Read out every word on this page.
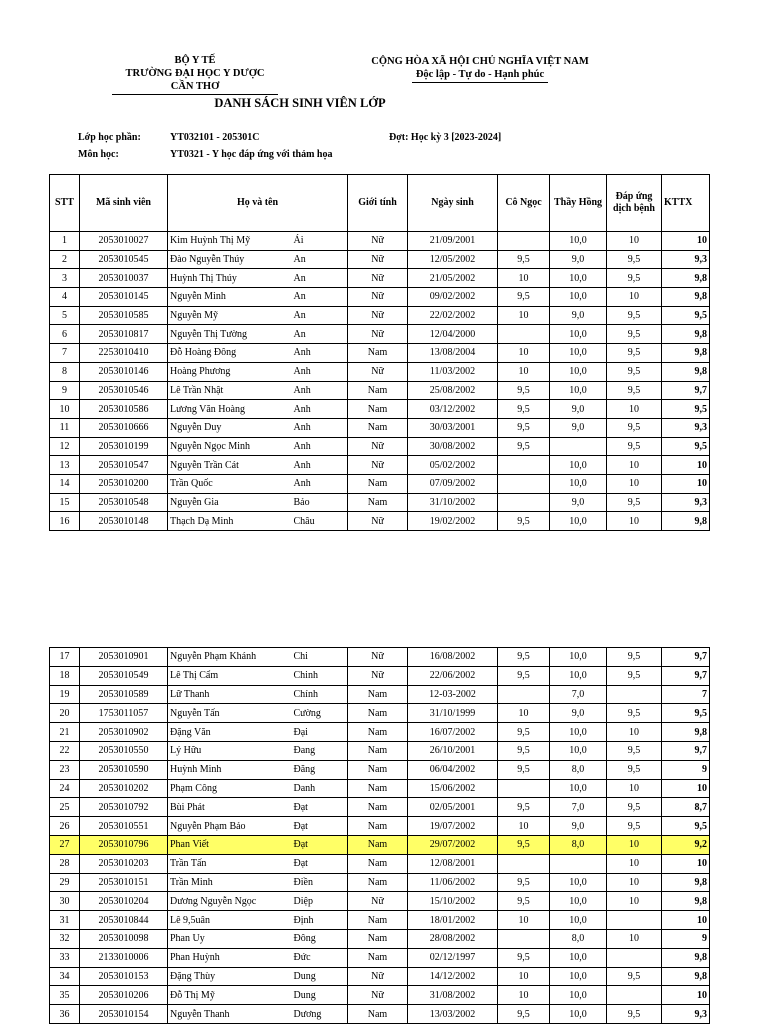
BỘ Y TẾ
TRƯỜNG ĐẠI HỌC Y DƯỢC CẦN THƠ
CỘNG HÒA XÃ HỘI CHỦ NGHĨA VIỆT NAM
Độc lập - Tự do - Hạnh phúc
DANH SÁCH SINH VIÊN LỚP
Lớp học phần:	YT032101 - 205301C	Đợt: Học kỳ 3 [2023-2024]
Môn học:	YT0321 - Y học đáp ứng với thảm họa
STT	Mã sinh viên	Họ và tên		Giới tính	Ngày sinh	Cô Ngọc	Thầy Hồng	Đáp ứng dịch bệnh	KTTX
1	2053010027	Kim Huỳnh Thị Mỹ	Ái	Nữ	21/09/2001		10,0	10	10
2	2053010545	Đào Nguyễn Thúy	An	Nữ	12/05/2002	9,5	9,0	9,5	9,3
3	2053010037	Huỳnh Thị Thúy	An	Nữ	21/05/2002	10	10,0	9,5	9,8
4	2053010145	Nguyễn Minh	An	Nữ	09/02/2002	9,5	10,0	10	9,8
5	2053010585	Nguyễn Mỹ	An	Nữ	22/02/2002	10	9,0	9,5	9,5
6	2053010817	Nguyễn Thị Tường	An	Nữ	12/04/2000		10,0	9,5	9,8
7	2253010410	Đỗ Hoàng Đông	Anh	Nam	13/08/2004	10	10,0	9,5	9,8
8	2053010146	Hoàng Phương	Anh	Nữ	11/03/2002	10	10,0	9,5	9,8
9	2053010546	Lê Trần Nhật	Anh	Nam	25/08/2002	9,5	10,0	9,5	9,7
10	2053010586	Lương Văn Hoàng	Anh	Nam	03/12/2002	9,5	9,0	10	9,5
11	2053010666	Nguyễn Duy	Anh	Nam	30/03/2001	9,5	9,0	9,5	9,3
12	2053010199	Nguyễn Ngọc Minh	Anh	Nữ	30/08/2002	9,5		9,5	9,5
13	2053010547	Nguyễn Trần Cát	Anh	Nữ	05/02/2002		10,0	10	10
14	2053010200	Trần Quốc	Anh	Nam	07/09/2002		10,0	10	10
15	2053010548	Nguyễn Gia	Bảo	Nam	31/10/2002		9,0	9,5	9,3
16	2053010148	Thạch Dạ Minh	Châu	Nữ	19/02/2002	9,5	10,0	10	9,8
17	2053010901	Nguyễn Phạm Khánh	Chi	Nữ	16/08/2002	9,5	10,0	9,5	9,7
18	2053010549	Lê Thị Cẩm	Chinh	Nữ	22/06/2002	9,5	10,0	9,5	9,7
19	2053010589	Lữ Thanh	Chính	Nam	12-03-2002		7,0		7
20	1753011057	Nguyễn Tấn	Cường	Nam	31/10/1999	10	9,0	9,5	9,5
21	2053010902	Đặng Văn	Đại	Nam	16/07/2002	9,5	10,0	10	9,8
22	2053010550	Lý Hữu	Đang	Nam	26/10/2001	9,5	10,0	9,5	9,7
23	2053010590	Huỳnh Minh	Đăng	Nam	06/04/2002	9,5	8,0	9,5	9
24	2053010202	Phạm Công	Danh	Nam	15/06/2002		10,0	10	10
25	2053010792	Bùi Phát	Đạt	Nam	02/05/2001	9,5	7,0	9,5	8,7
26	2053010551	Nguyễn Phạm Bảo	Đạt	Nam	19/07/2002	10	9,0	9,5	9,5
27	2053010796	Phan Viết	Đạt	Nam	29/07/2002	9,5	8,0	10	9,2
28	2053010203	Trần Tấn	Đạt	Nam	12/08/2001			10	10
29	2053010151	Trần Minh	Điền	Nam	11/06/2002	9,5	10,0	10	9,8
30	2053010204	Dương Nguyễn Ngọc	Diệp	Nữ	15/10/2002	9,5	10,0	10	9,8
31	2053010844	Lê 9,5uân	Định	Nam	18/01/2002	10	10,0		10
32	2053010098	Phan Uy	Đông	Nam	28/08/2002		8,0	10	9
33	2133010006	Phan Huỳnh	Đức	Nam	02/12/1997	9,5	10,0		9,8
34	2053010153	Đặng Thùy	Dung	Nữ	14/12/2002	10	10,0	9,5	9,8
35	2053010206	Đỗ Thị Mỹ	Dung	Nữ	31/08/2002	10	10,0		10
36	2053010154	Nguyễn Thanh	Dương	Nam	13/03/2002	9,5	10,0	9,5	9,3
